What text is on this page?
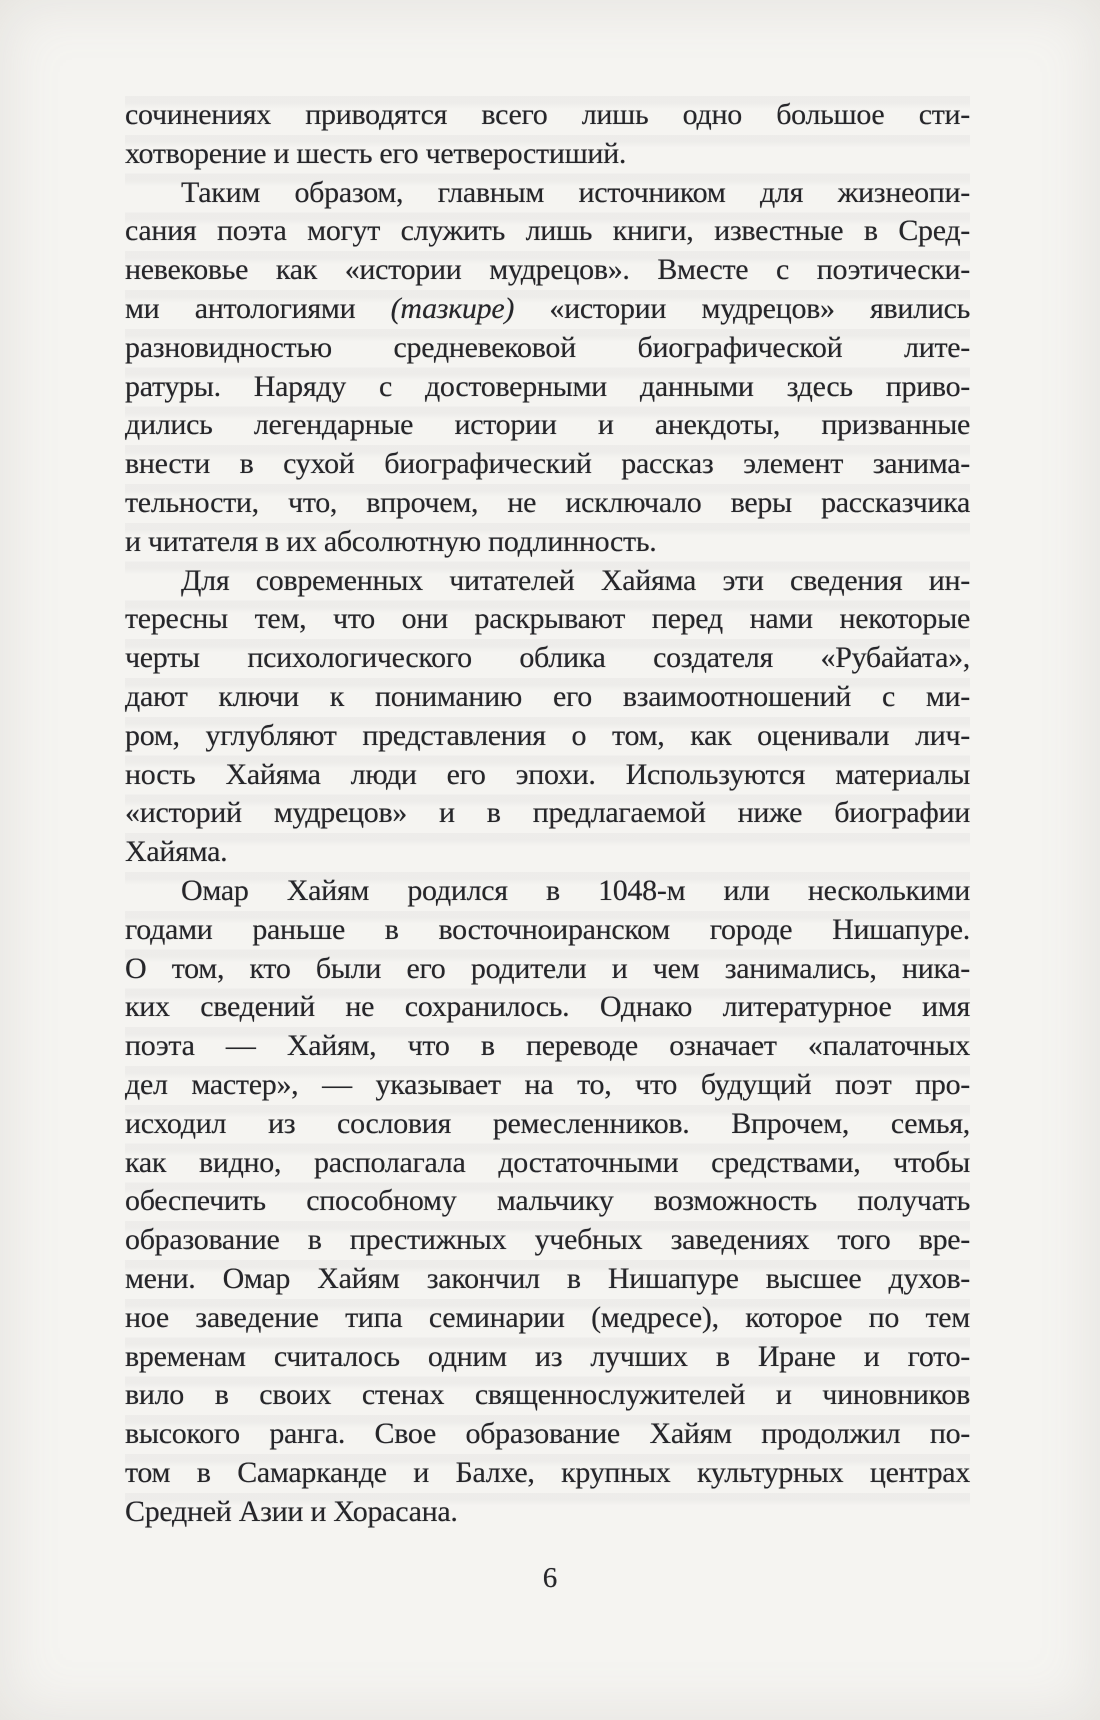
сочинениях приводятся всего лишь одно большое сти-
хотворение и шесть его четверостиший.
Таким образом, главным источником для жизнеопи-
сания поэта могут служить лишь книги, известные в Сред-
невековье как «истории мудрецов». Вместе с поэтически-
ми антологиями (тазкире) «истории мудрецов» явились
разновидностью средневековой биографической лите-
ратуры. Наряду с достоверными данными здесь приво-
дились легендарные истории и анекдоты, призванные
внести в сухой биографический рассказ элемент занима-
тельности, что, впрочем, не исключало веры рассказчика
и читателя в их абсолютную подлинность.
Для современных читателей Хайяма эти сведения ин-
тересны тем, что они раскрывают перед нами некоторые
черты психологического облика создателя «Рубайата»,
дают ключи к пониманию его взаимоотношений с ми-
ром, углубляют представления о том, как оценивали лич-
ность Хайяма люди его эпохи. Используются материалы
«историй мудрецов» и в предлагаемой ниже биографии
Хайяма.
Омар Хайям родился в 1048-м или несколькими
годами раньше в восточноиранском городе Нишапуре.
О том, кто были его родители и чем занимались, ника-
ких сведений не сохранилось. Однако литературное имя
поэта — Хайям, что в переводе означает «палаточных
дел мастер», — указывает на то, что будущий поэт про-
исходил из сословия ремесленников. Впрочем, семья,
как видно, располагала достаточными средствами, чтобы
обеспечить способному мальчику возможность получать
образование в престижных учебных заведениях того вре-
мени. Омар Хайям закончил в Нишапуре высшее духов-
ное заведение типа семинарии (медресе), которое по тем
временам считалось одним из лучших в Иране и гото-
вило в своих стенах священнослужителей и чиновников
высокого ранга. Свое образование Хайям продолжил по-
том в Самарканде и Балхе, крупных культурных центрах
Средней Азии и Хорасана.
6
